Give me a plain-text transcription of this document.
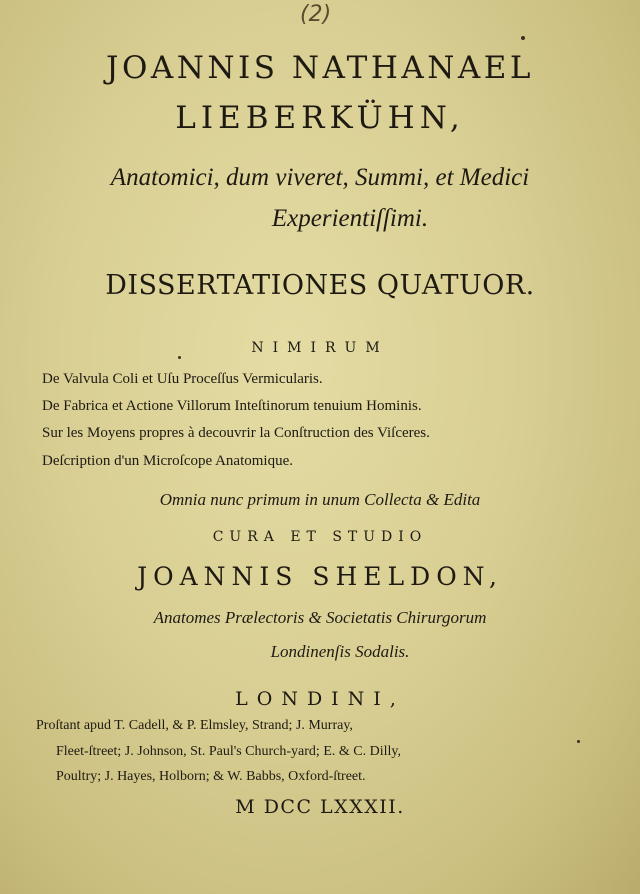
(2)
JOANNIS NATHANAEL
LIEBERKÜHN,
Anatomici, dum viveret, Summi, et Medici
Experientiſſimi.
DISSERTATIONES QUATUOR.
NIMIRUM
De Valvula Coli et Uſu Proceſſus Vermicularis.
De Fabrica et Actione Villorum Inteſtinorum tenuium Hominis.
Sur les Moyens propres à decouvrir la Conſtruction des Viſceres.
Deſcription d'un Microſcope Anatomique.
Omnia nunc primum in unum Collecta & Edita
CURA ET STUDIO
JOANNIS SHELDON,
Anatomes Prælectoris & Societatis Chirurgorum
Londinenſis Sodalis.
LONDINI,
Proſtant apud T. Cadell, & P. Elmsley, Strand; J. Murray,
Fleet-ſtreet; J. Johnson, St. Paul's Church-yard; E. & C. Dilly,
Poultry; J. Hayes, Holborn; & W. Babbs, Oxford-ſtreet.
M DCC LXXXII.
